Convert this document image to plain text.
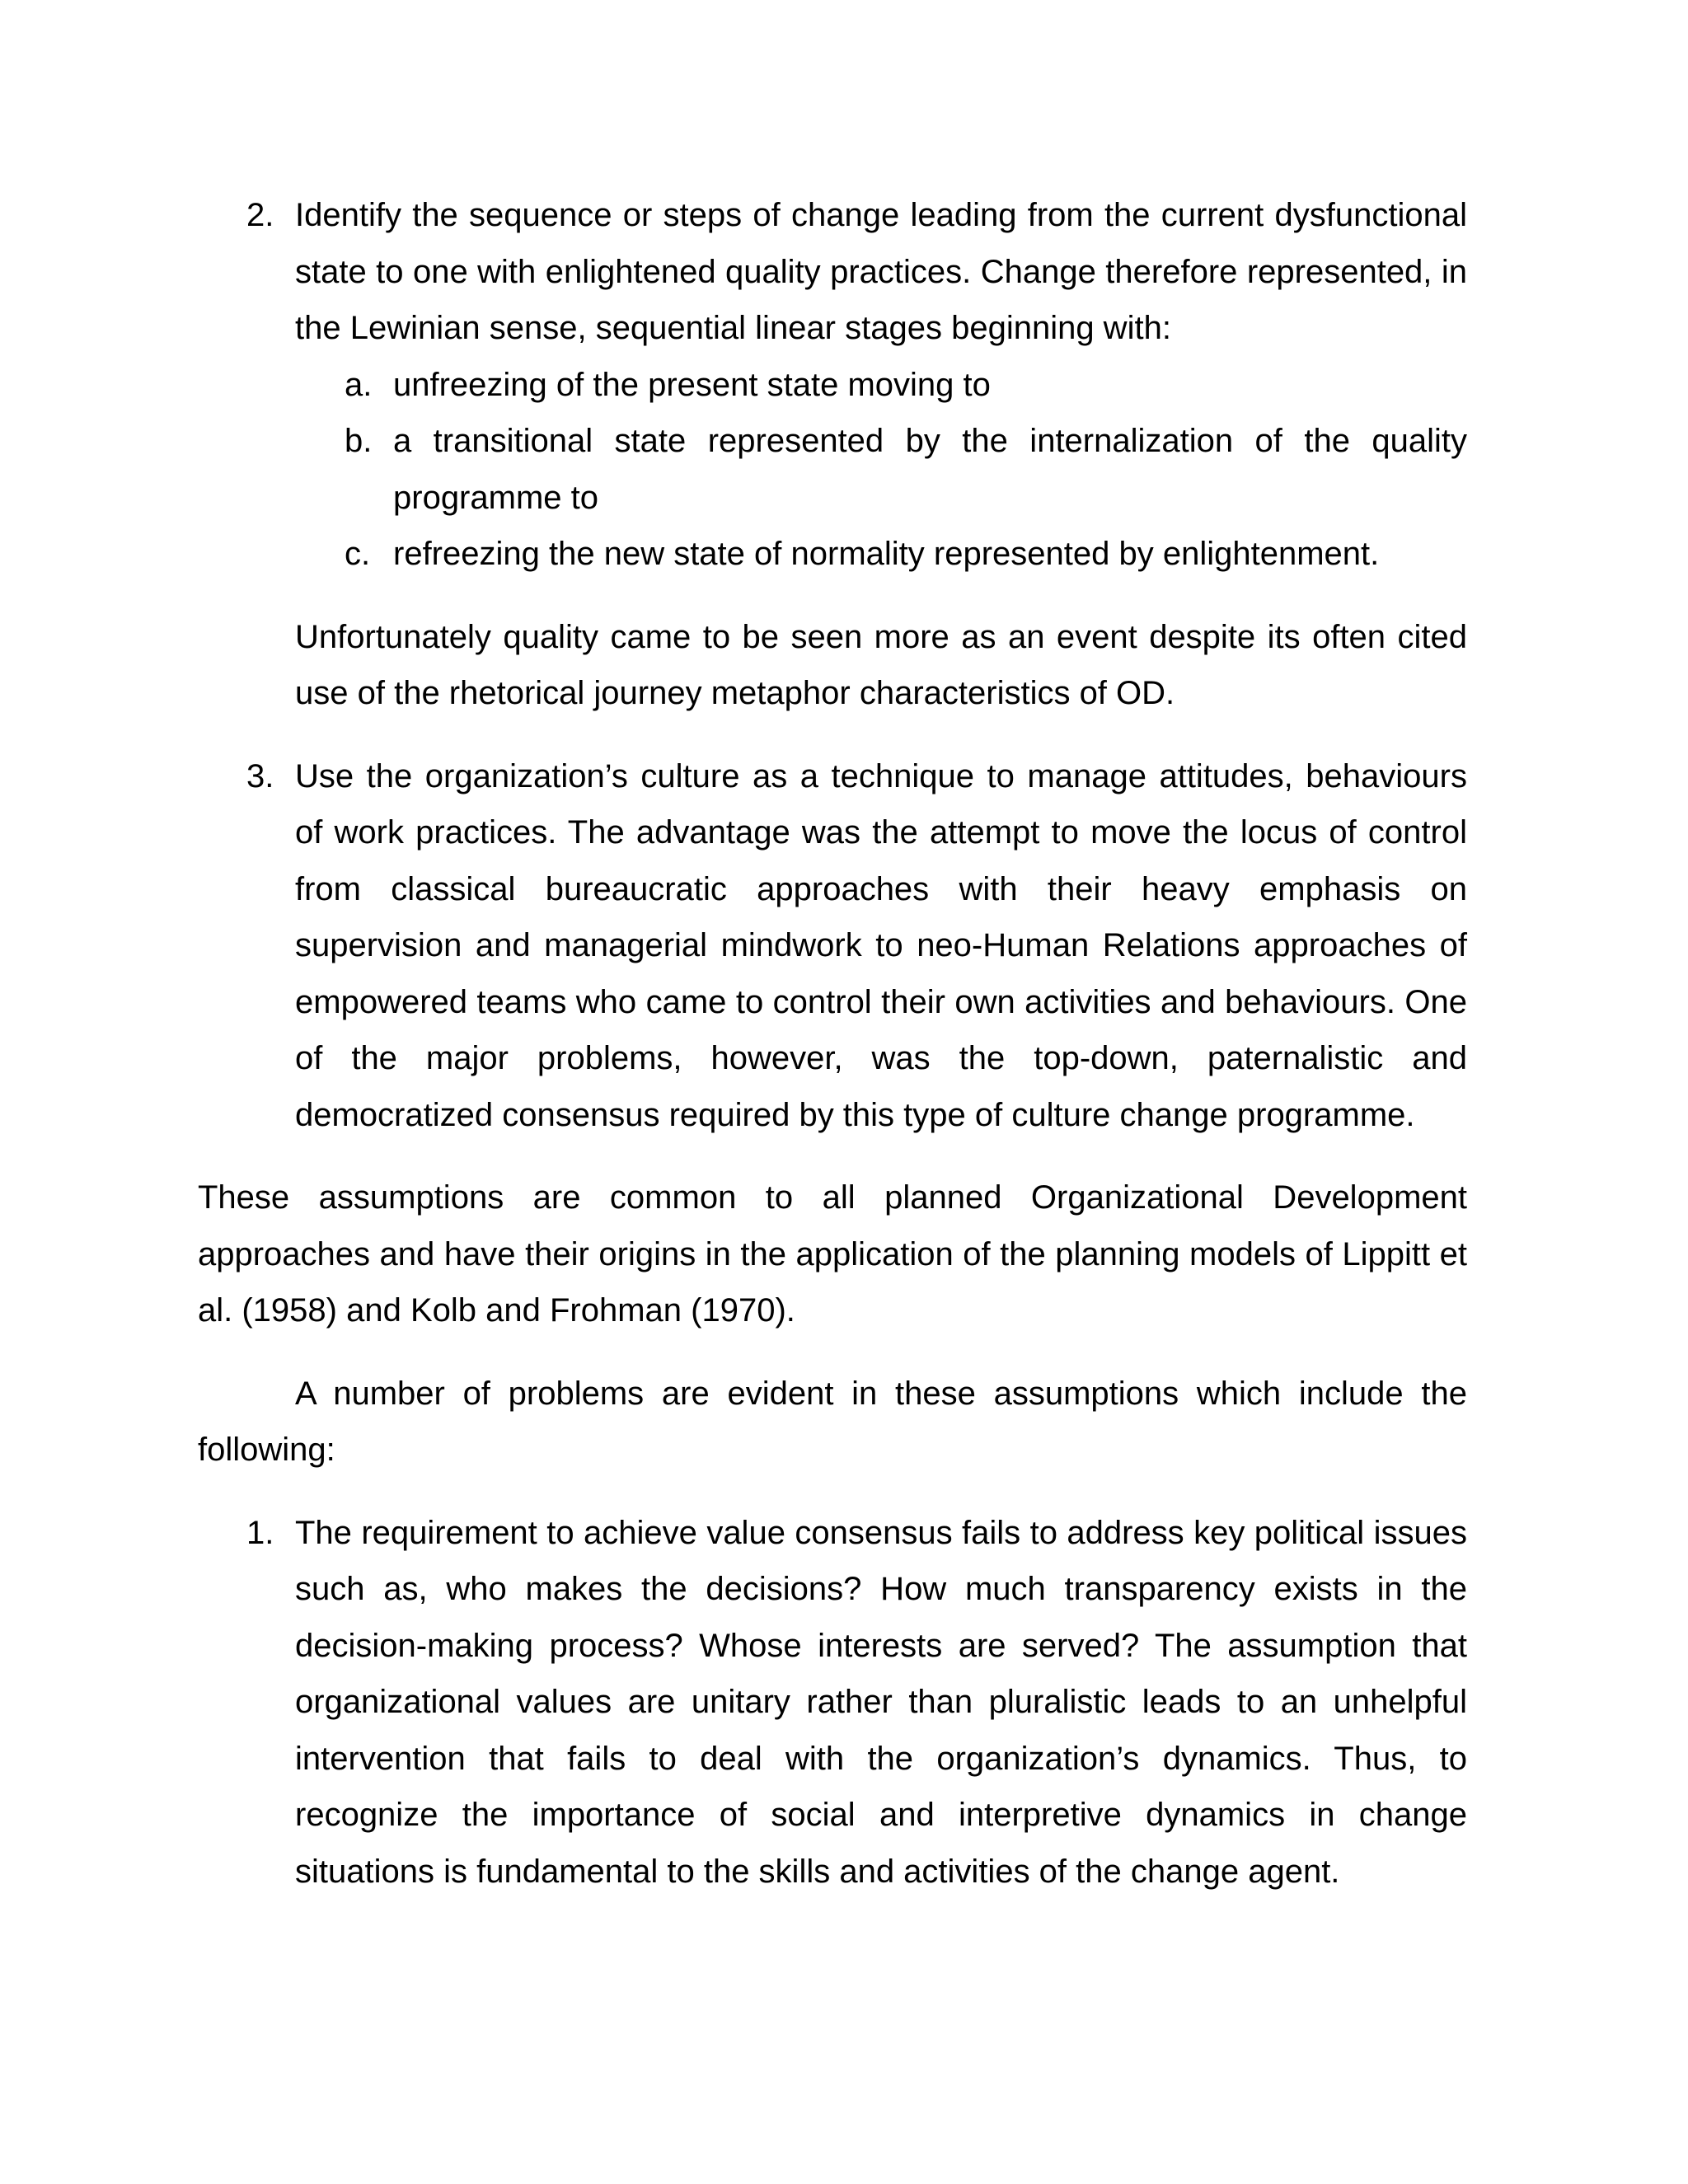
2. Identify the sequence or steps of change leading from the current dysfunctional state to one with enlightened quality practices. Change therefore represented, in the Lewinian sense, sequential linear stages beginning with:

a. unfreezing of the present state moving to

b. a transitional state represented by the internalization of the quality programme to

c. refreezing the new state of normality represented by enlightenment.

Unfortunately quality came to be seen more as an event despite its often cited use of the rhetorical journey metaphor characteristics of OD.

3. Use the organization’s culture as a technique to manage attitudes, behaviours of work practices. The advantage was the attempt to move the locus of control from classical bureaucratic approaches with their heavy emphasis on supervision and managerial mindwork to neo-Human Relations approaches of empowered teams who came to control their own activities and behaviours. One of the major problems, however, was the top-down, paternalistic and democratized consensus required by this type of culture change programme.

These assumptions are common to all planned Organizational Development approaches and have their origins in the application of the planning models of Lippitt et al. (1958) and Kolb and Frohman (1970).

A number of problems are evident in these assumptions which include the following:

1. The requirement to achieve value consensus fails to address key political issues such as, who makes the decisions? How much transparency exists in the decision-making process? Whose interests are served? The assumption that organizational values are unitary rather than pluralistic leads to an unhelpful intervention that fails to deal with the organization’s dynamics. Thus, to recognize the importance of social and interpretive dynamics in change situations is fundamental to the skills and activities of the change agent.
